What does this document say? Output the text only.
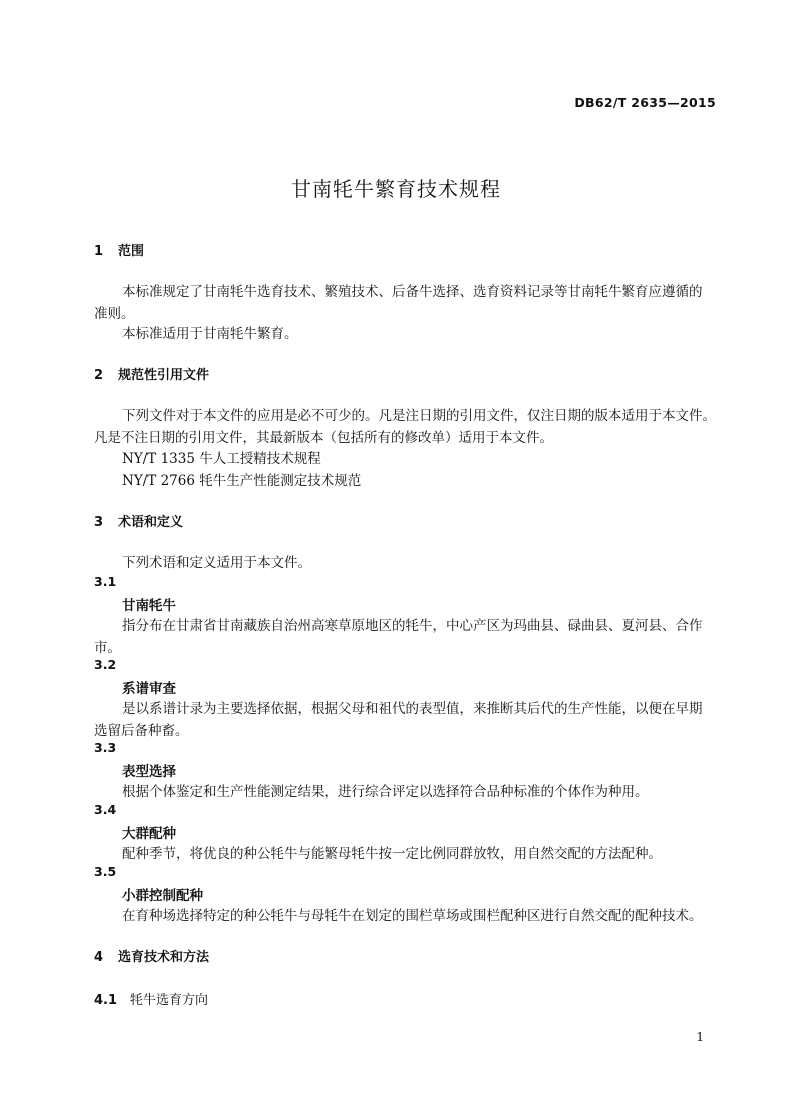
DB62/T 2635—2015
甘南牦牛繁育技术规程
1 范围
本标准规定了甘南牦牛选育技术、繁殖技术、后备牛选择、选育资料记录等甘南牦牛繁育应遵循的
准则。
本标准适用于甘南牦牛繁育。
2 规范性引用文件
下列文件对于本文件的应用是必不可少的。凡是注日期的引用文件，仅注日期的版本适用于本文件。
凡是不注日期的引用文件，其最新版本（包括所有的修改单）适用于本文件。
NY/T 1335 牛人工授精技术规程
NY/T 2766 牦牛生产性能测定技术规范
3 术语和定义
下列术语和定义适用于本文件。
3.1
甘南牦牛
指分布在甘肃省甘南藏族自治州高寒草原地区的牦牛，中心产区为玛曲县、碌曲县、夏河县、合作
市。
3.2
系谱审查
是以系谱计录为主要选择依据，根据父母和祖代的表型值，来推断其后代的生产性能，以便在早期
选留后备种畜。
3.3
表型选择
根据个体鉴定和生产性能测定结果，进行综合评定以选择符合品种标准的个体作为种用。
3.4
大群配种
配种季节，将优良的种公牦牛与能繁母牦牛按一定比例同群放牧，用自然交配的方法配种。
3.5
小群控制配种
在育种场选择特定的种公牦牛与母牦牛在划定的围栏草场或围栏配种区进行自然交配的配种技术。
4 选育技术和方法
4.1 牦牛选育方向
1
